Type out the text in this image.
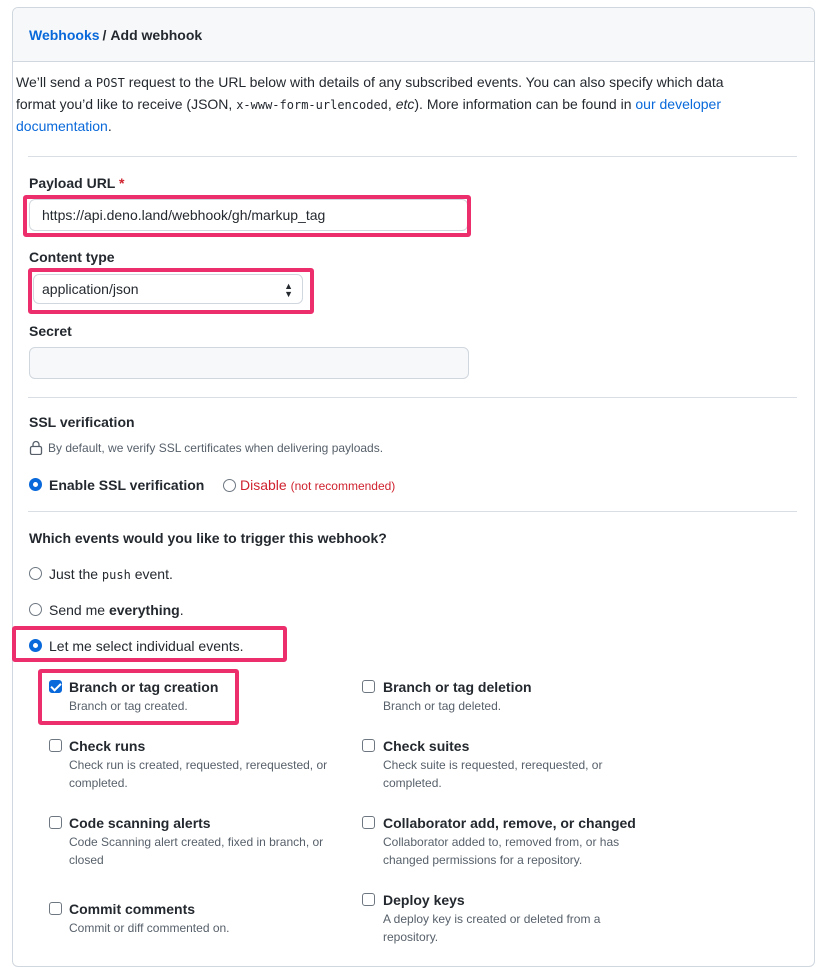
Webhooks / Add webhook
We’ll send a POST request to the URL below with details of any subscribed events. You can also specify which data format you’d like to receive (JSON, x-www-form-urlencoded, etc). More information can be found in our developer documentation.
Payload URL *
https://api.deno.land/webhook/gh/markup_tag
Content type
application/json	▲
▼
Secret
SSL verification
By default, we verify SSL certificates when delivering payloads.
Enable SSL verification	Disable (not recommended)
Which events would you like to trigger this webhook?
Just the push event.
Send me everything.
Let me select individual events.
Branch or tag creation
Branch or tag created.
Check runs
Check run is created, requested, rerequested, or completed.
Code scanning alerts
Code Scanning alert created, fixed in branch, or closed
Commit comments
Commit or diff commented on.
Branch or tag deletion
Branch or tag deleted.
Check suites
Check suite is requested, rerequested, or completed.
Collaborator add, remove, or changed
Collaborator added to, removed from, or has changed permissions for a repository.
Deploy keys
A deploy key is created or deleted from a repository.
